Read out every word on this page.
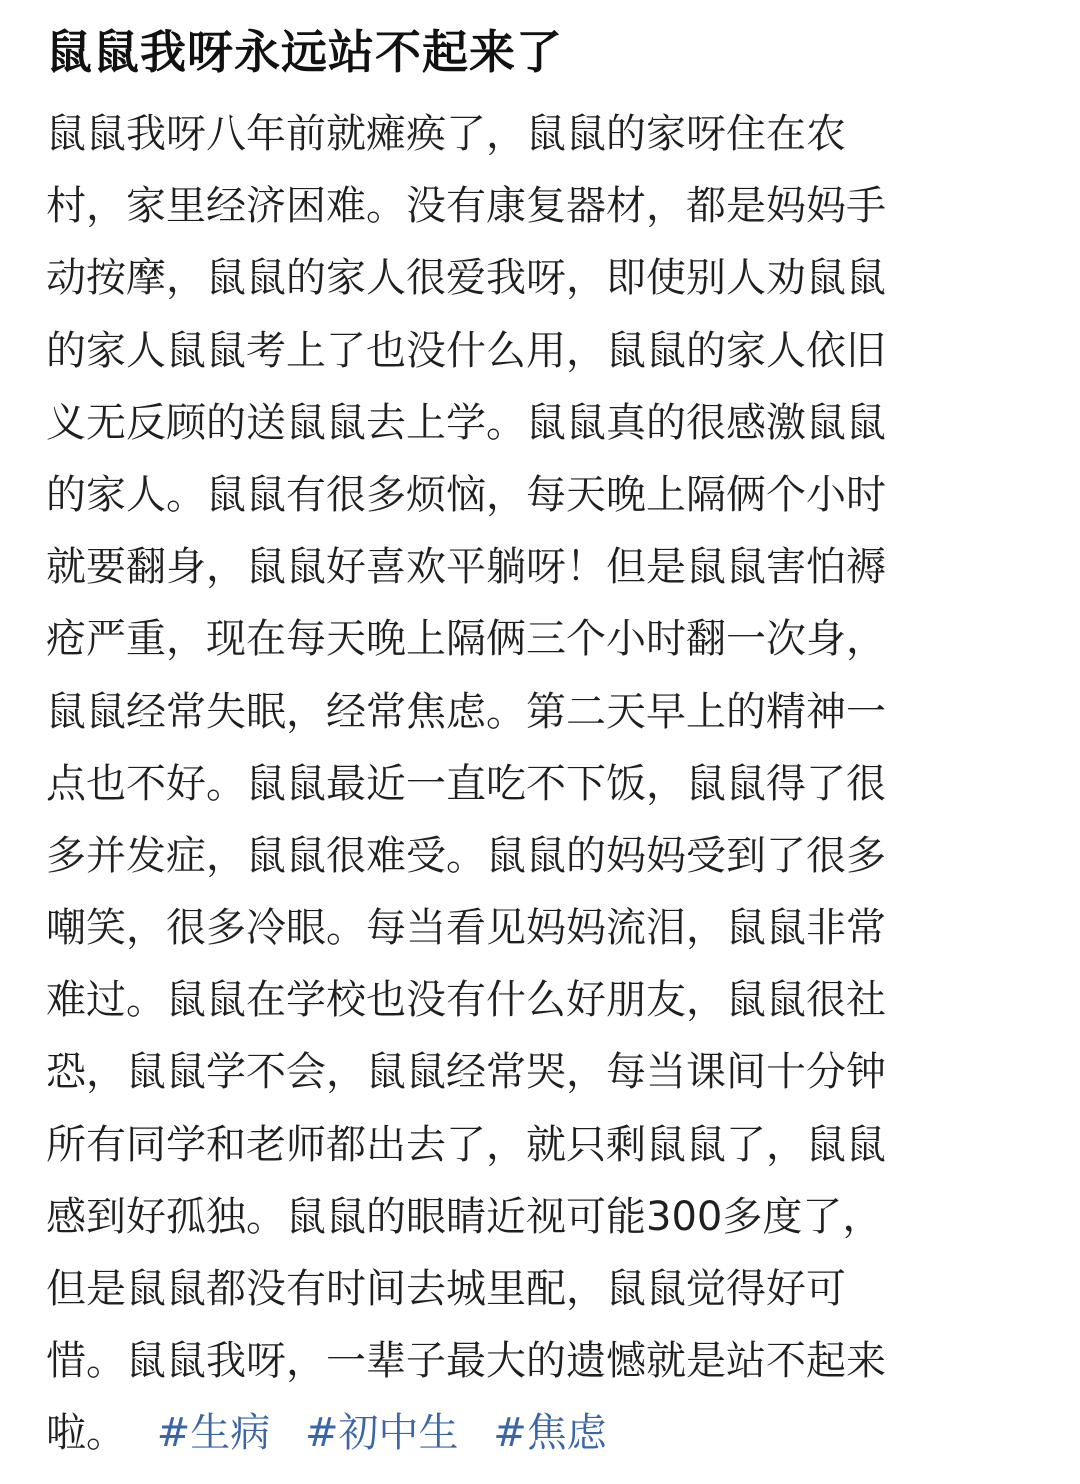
鼠鼠我呀永远站不起来了
鼠鼠我呀八年前就瘫痪了，鼠鼠的家呀住在农
村，家里经济困难。没有康复器材，都是妈妈手
动按摩，鼠鼠的家人很爱我呀，即使别人劝鼠鼠
的家人鼠鼠考上了也没什么用，鼠鼠的家人依旧
义无反顾的送鼠鼠去上学。鼠鼠真的很感激鼠鼠
的家人。鼠鼠有很多烦恼，每天晚上隔俩个小时
就要翻身，鼠鼠好喜欢平躺呀！但是鼠鼠害怕褥
疮严重，现在每天晚上隔俩三个小时翻一次身，
鼠鼠经常失眠，经常焦虑。第二天早上的精神一
点也不好。鼠鼠最近一直吃不下饭，鼠鼠得了很
多并发症，鼠鼠很难受。鼠鼠的妈妈受到了很多
嘲笑，很多冷眼。每当看见妈妈流泪，鼠鼠非常
难过。鼠鼠在学校也没有什么好朋友，鼠鼠很社
恐，鼠鼠学不会，鼠鼠经常哭，每当课间十分钟
所有同学和老师都出去了，就只剩鼠鼠了，鼠鼠
感到好孤独。鼠鼠的眼睛近视可能300多度了，
但是鼠鼠都没有时间去城里配，鼠鼠觉得好可
惜。鼠鼠我呀，一辈子最大的遗憾就是站不起来
啦。 #生病 #初中生 #焦虑
